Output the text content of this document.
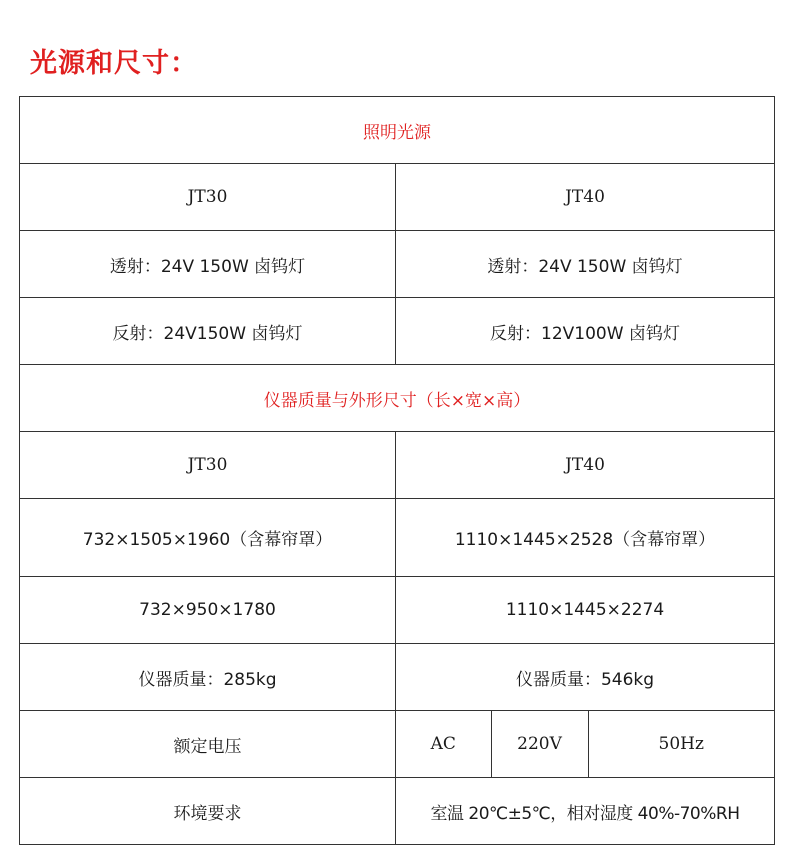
光源和尺寸：
照明光源
JT30	JT40
透射：24V 150W 卤钨灯	透射：24V 150W 卤钨灯
反射：24V150W 卤钨灯	反射：12V100W 卤钨灯
仪器质量与外形尺寸（长×宽×高）
JT30	JT40
732×1505×1960（含幕帘罩）	1110×1445×2528（含幕帘罩）
732×950×1780	1110×1445×2274
仪器质量：285kg	仪器质量：546kg
额定电压		AC	220V	50Hz

环境要求	室温 20℃±5℃，相对湿度 40%-70%RH
